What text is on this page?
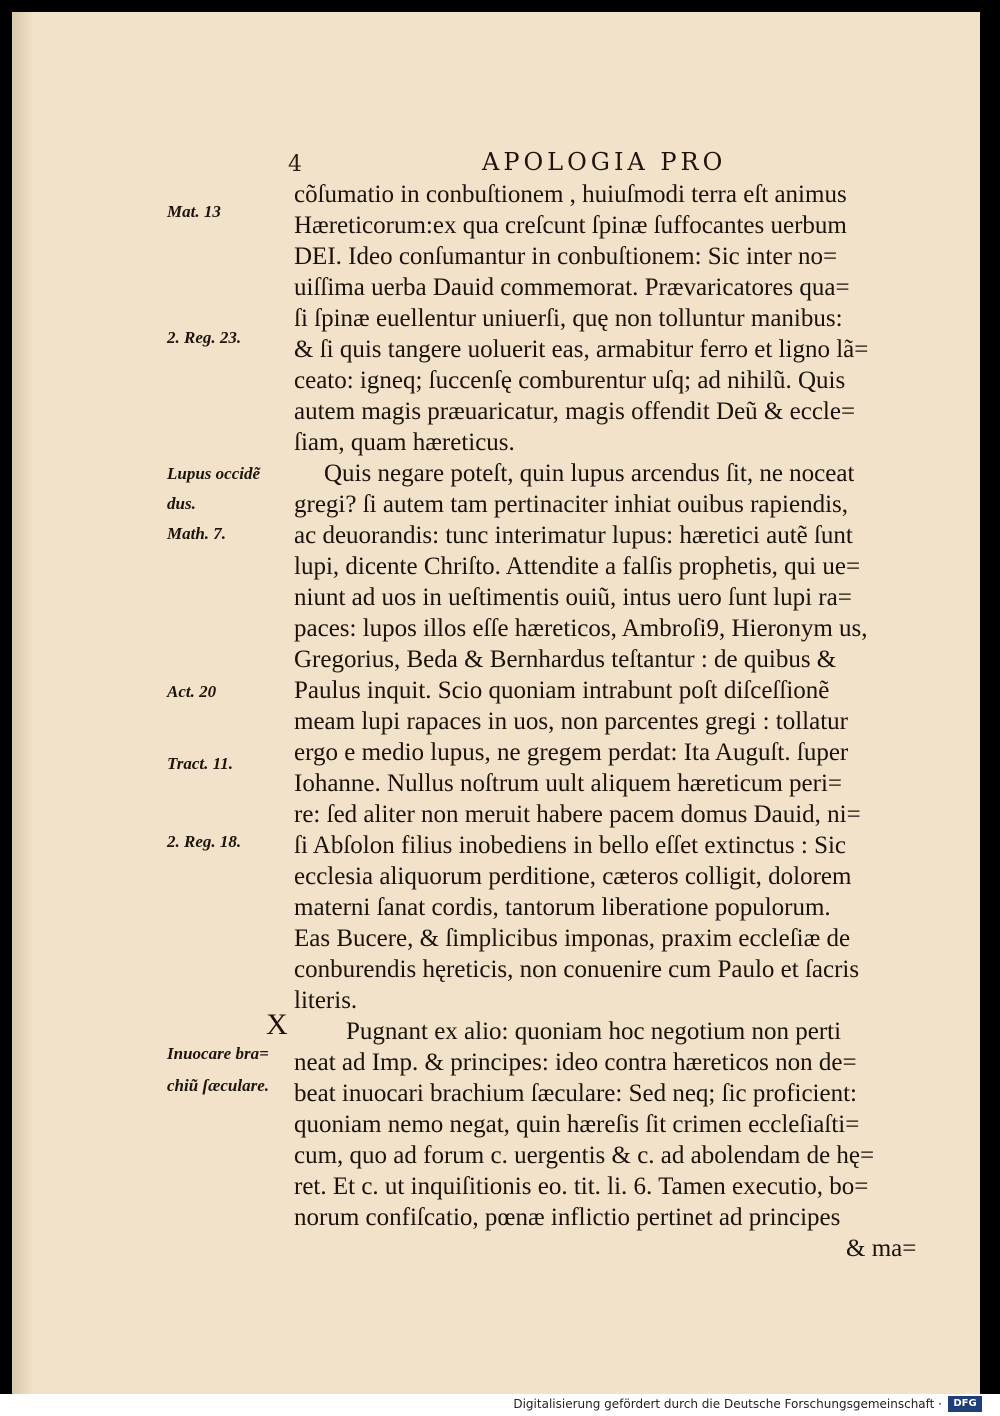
4	APOLOGIA PRO
Mat. 13
2. Reg. 23.
Lupus occidẽ
dus.
Math. 7.
Act. 20
Tract. 11.
2. Reg. 18.
Inuocare bra=
chiũ ſæculare.
X
cõſumatio in conbuſtionem , huiuſmodi terra eſt animus
Hæreticorum:ex qua creſcunt ſpinæ ſuffocantes uerbum
DEI. Ideo conſumantur in conbuſtionem: Sic inter no=
uiſſima uerba Dauid commemorat. Prævaricatores qua=
ſi ſpinæ euellentur uniuerſi, quę non tolluntur manibus:
& ſi quis tangere uoluerit eas, armabitur ferro et ligno lã=
ceato: igneq; ſuccenſę comburentur uſq; ad nihilũ. Quis
autem magis præuaricatur, magis offendit Deũ & eccle=
ſiam, quam hæreticus.
Quis negare poteſt, quin lupus arcendus ſit, ne noceat
gregi? ſi autem tam pertinaciter inhiat ouibus rapiendis,
ac deuorandis: tunc interimatur lupus: hæretici autẽ ſunt
lupi, dicente Chriſto. Attendite a falſis prophetis, qui ue=
niunt ad uos in ueſtimentis ouiũ, intus uero ſunt lupi ra=
paces: lupos illos eſſe hæreticos, Ambroſi9, Hieronym us,
Gregorius, Beda & Bernhardus teſtantur : de quibus &
Paulus inquit. Scio quoniam intrabunt poſt diſceſſionẽ
meam lupi rapaces in uos, non parcentes gregi : tollatur
ergo e medio lupus, ne gregem perdat: Ita Auguſt. ſuper
Iohanne. Nullus noſtrum uult aliquem hæreticum peri=
re: ſed aliter non meruit habere pacem domus Dauid, ni=
ſi Abſolon filius inobediens in bello eſſet extinctus : Sic
ecclesia aliquorum perditione, cæteros colligit, dolorem
materni ſanat cordis, tantorum liberatione populorum.
Eas Bucere, & ſimplicibus imponas, praxim eccleſiæ de
conburendis hęreticis, non conuenire cum Paulo et ſacris
literis.
Pugnant ex alio: quoniam hoc negotium non perti
neat ad Imp. & principes: ideo contra hæreticos non de=
beat inuocari brachium ſæculare: Sed neq; ſic proficient:
quoniam nemo negat, quin hæreſis ſit crimen eccleſiaſti=
cum, quo ad forum c. uergentis & c. ad abolendam de hę=
ret. Et c. ut inquiſitionis eo. tit. li. 6. Tamen executio, bo=
norum confiſcatio, pœnæ inflictio pertinet ad principes
& ma=
Digitalisierung gefördert durch die Deutsche Forschungsgemeinschaft ·	DFG
